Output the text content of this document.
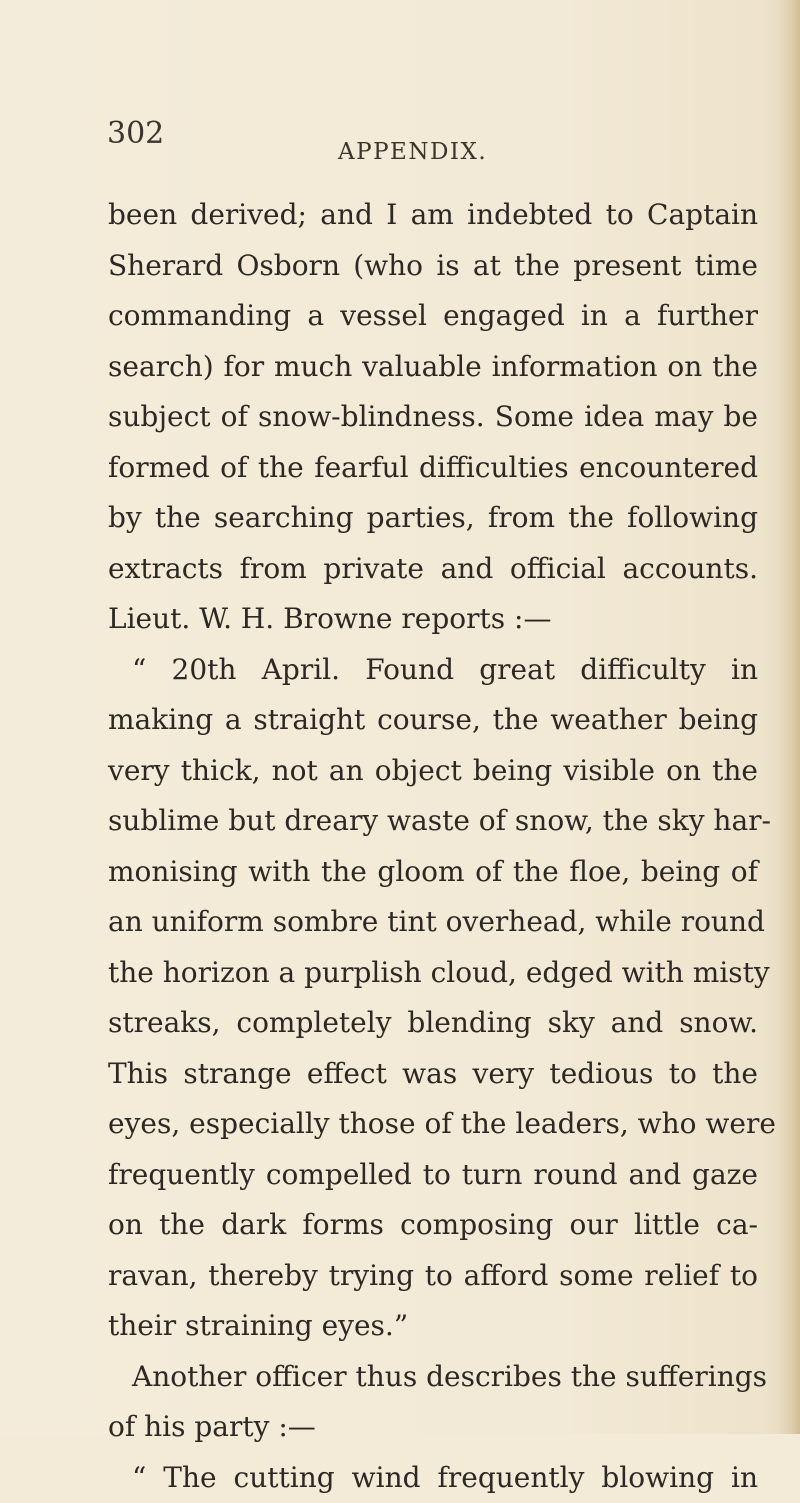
302
APPENDIX.
been derived; and I am indebted to Captain
Sherard Osborn (who is at the present time
commanding a vessel engaged in a further
search) for much valuable information on the
subject of snow-blindness. Some idea may be
formed of the fearful difficulties encountered
by the searching parties, from the following
extracts from private and official accounts.
Lieut. W. H. Browne reports :—
“ 20th April. Found great difficulty in
making a straight course, the weather being
very thick, not an object being visible on the
sublime but dreary waste of snow, the sky har-
monising with the gloom of the floe, being of
an uniform sombre tint overhead, while round
the horizon a purplish cloud, edged with misty
streaks, completely blending sky and snow.
This strange effect was very tedious to the
eyes, especially those of the leaders, who were
frequently compelled to turn round and gaze
on the dark forms composing our little ca-
ravan, thereby trying to afford some relief to
their straining eyes.”
Another officer thus describes the sufferings
of his party :—
“ The cutting wind frequently blowing in
